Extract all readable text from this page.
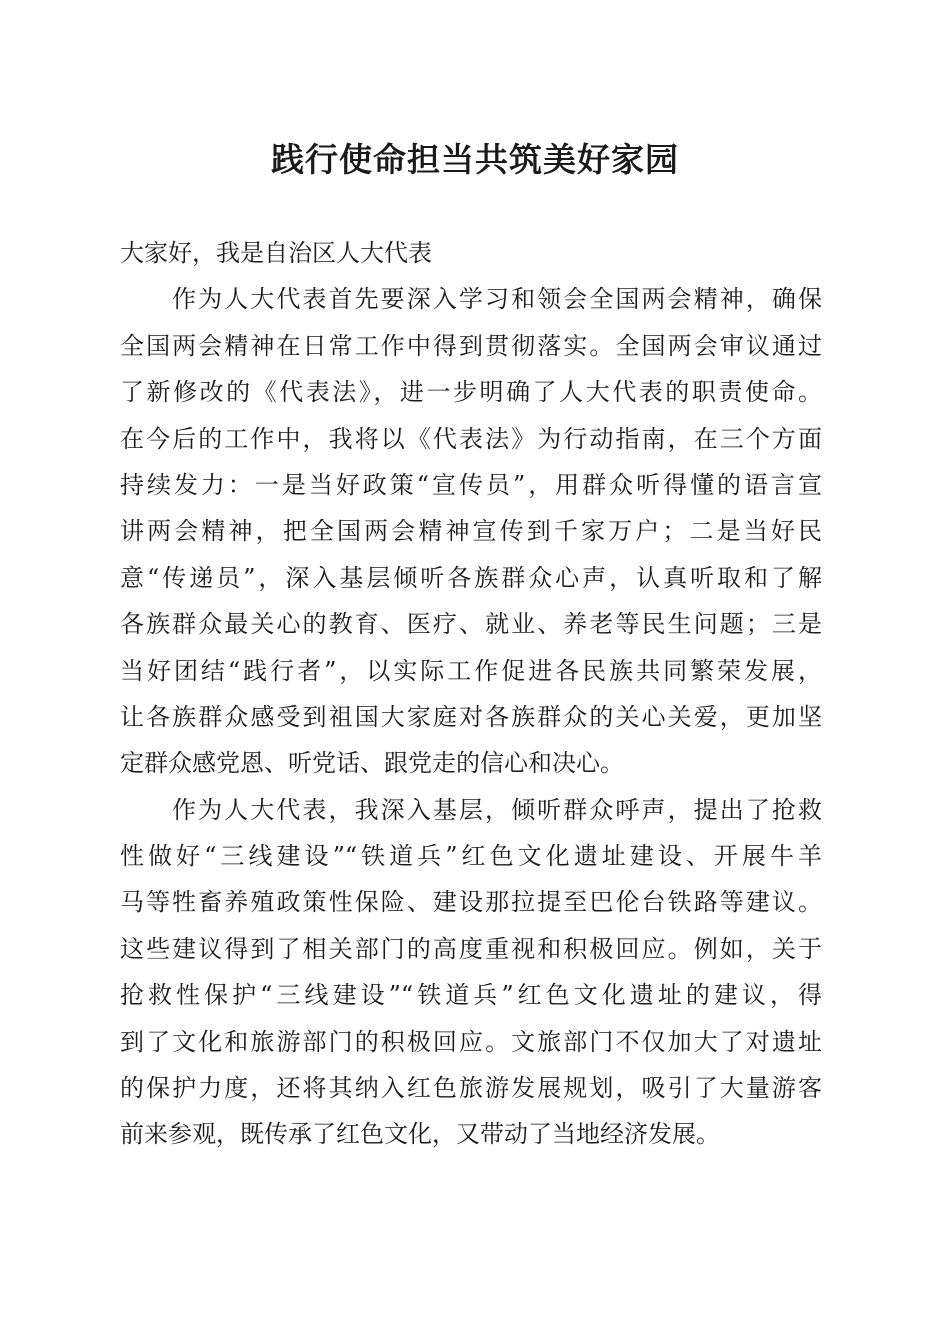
践行使命担当共筑美好家园

大家好，我是自治区人大代表

作为人大代表首先要深入学习和领会全国两会精神，确保

全国两会精神在日常工作中得到贯彻落实。全国两会审议通过

了新修改的《代表法》，进一步明确了人大代表的职责使命。

在今后的工作中，我将以《代表法》为行动指南，在三个方面

持续发力：一是当好政策“宣传员”，用群众听得懂的语言宣

讲两会精神，把全国两会精神宣传到千家万户；二是当好民

意“传递员”，深入基层倾听各族群众心声，认真听取和了解

各族群众最关心的教育、医疗、就业、养老等民生问题；三是

当好团结“践行者”，以实际工作促进各民族共同繁荣发展，

让各族群众感受到祖国大家庭对各族群众的关心关爱，更加坚

定群众感党恩、听党话、跟党走的信心和决心。

作为人大代表，我深入基层，倾听群众呼声，提出了抢救

性做好“三线建设”“铁道兵”红色文化遗址建设、开展牛羊

马等牲畜养殖政策性保险、建设那拉提至巴伦台铁路等建议。

这些建议得到了相关部门的高度重视和积极回应。例如，关于

抢救性保护“三线建设”“铁道兵”红色文化遗址的建议，得

到了文化和旅游部门的积极回应。文旅部门不仅加大了对遗址

的保护力度，还将其纳入红色旅游发展规划，吸引了大量游客

前来参观，既传承了红色文化，又带动了当地经济发展。
